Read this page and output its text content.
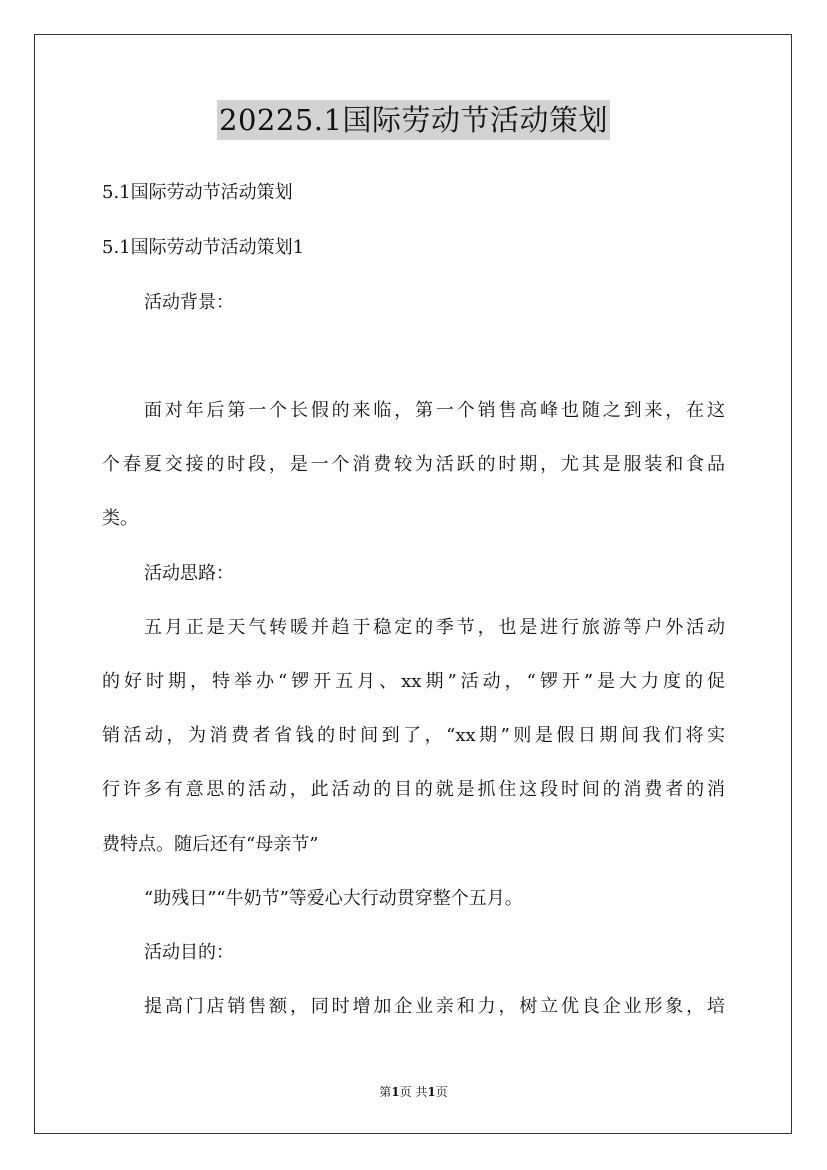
20225.1国际劳动节活动策划
5.1国际劳动节活动策划
5.1国际劳动节活动策划1
活动背景：
面对年后第一个长假的来临，第一个销售高峰也随之到来，在这
个春夏交接的时段，是一个消费较为活跃的时期，尤其是服装和食品
类。
活动思路：
五月正是天气转暖并趋于稳定的季节，也是进行旅游等户外活动
的好时期，特举办“锣开五月、xx期”活动，“锣开”是大力度的促
销活动，为消费者省钱的时间到了，“xx期”则是假日期间我们将实
行许多有意思的活动，此活动的目的就是抓住这段时间的消费者的消
费特点。随后还有“母亲节”
“助残日”“牛奶节”等爱心大行动贯穿整个五月。
活动目的：
提高门店销售额，同时增加企业亲和力，树立优良企业形象，培
第1页 共1页
